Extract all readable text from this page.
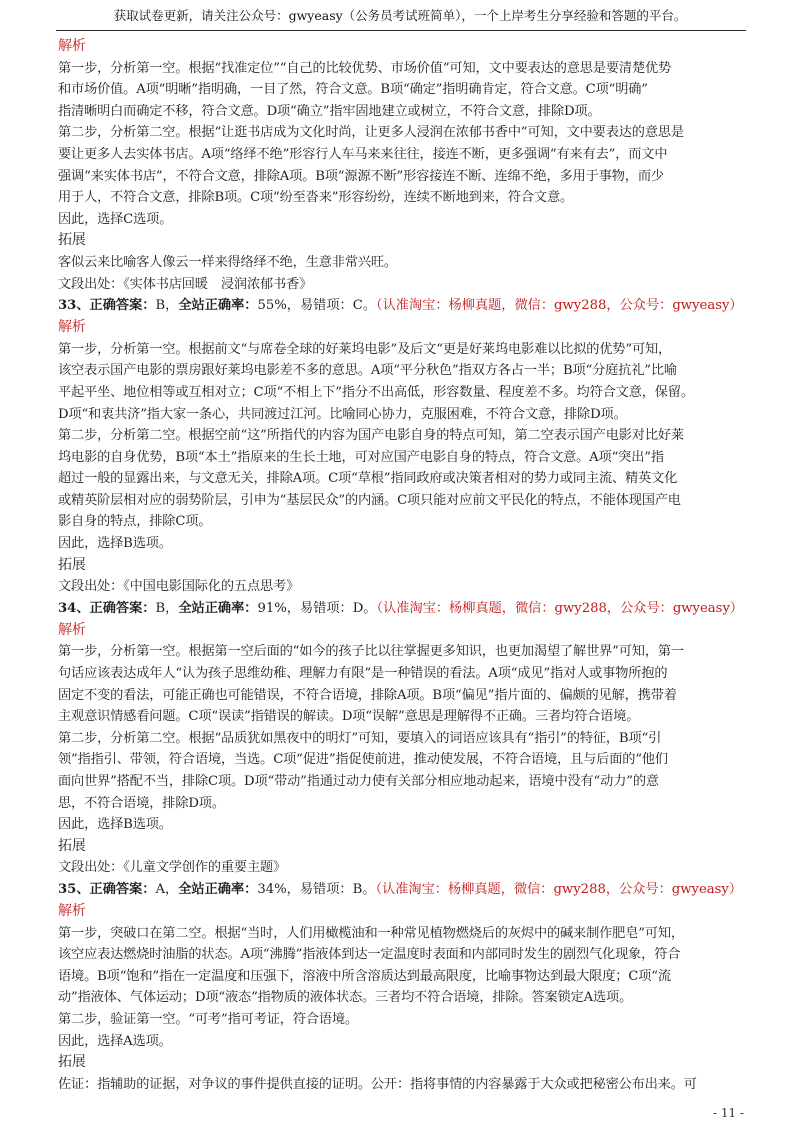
获取试卷更新，请关注公众号：gwyeasy（公务员考试班简单），一个上岸考生分享经验和答题的平台。
解析
第一步，分析第一空。根据“找准定位”“自己的比较优势、市场价值”可知，文中要表达的意思是要清楚优势
和市场价值。A项“明晰”指明确，一目了然，符合文意。B项“确定”指明确肯定，符合文意。C项“明确”
指清晰明白而确定不移，符合文意。D项“确立”指牢固地建立或树立，不符合文意，排除D项。
第二步，分析第二空。根据“让逛书店成为文化时尚，让更多人浸润在浓郁书香中”可知，文中要表达的意思是
要让更多人去实体书店。A项“络绎不绝”形容行人车马来来往往，接连不断，更多强调“有来有去”，而文中
强调“来实体书店”，不符合文意，排除A项。B项“源源不断”形容接连不断、连绵不绝，多用于事物，而少
用于人，不符合文意，排除B项。C项“纷至沓来”形容纷纷，连续不断地到来，符合文意。
因此，选择C选项。
拓展
客似云来比喻客人像云一样来得络绎不绝，生意非常兴旺。
文段出处：《实体书店回暖　浸润浓郁书香》
33、正确答案：B，全站正确率：55%，易错项：C。（认准淘宝：杨柳真题，微信：gwy288，公众号：gwyeasy）
解析
第一步，分析第一空。根据前文“与席卷全球的好莱坞电影”及后文“更是好莱坞电影难以比拟的优势”可知，
该空表示国产电影的票房跟好莱坞电影差不多的意思。A项“平分秋色”指双方各占一半；B项“分庭抗礼”比喻
平起平坐、地位相等或互相对立；C项“不相上下”指分不出高低，形容数量、程度差不多。均符合文意，保留。
D项“和衷共济”指大家一条心，共同渡过江河。比喻同心协力，克服困难，不符合文意，排除D项。
第二步，分析第二空。根据空前“这”所指代的内容为国产电影自身的特点可知，第二空表示国产电影对比好莱
坞电影的自身优势，B项“本土”指原来的生长土地，可对应国产电影自身的特点，符合文意。A项“突出”指
超过一般的显露出来，与文意无关，排除A项。C项“草根”指同政府或决策者相对的势力或同主流、精英文化
或精英阶层相对应的弱势阶层，引申为“基层民众”的内涵。C项只能对应前文平民化的特点，不能体现国产电
影自身的特点，排除C项。
因此，选择B选项。
拓展
文段出处：《中国电影国际化的五点思考》
34、正确答案：B，全站正确率：91%，易错项：D。（认准淘宝：杨柳真题，微信：gwy288，公众号：gwyeasy）
解析
第一步，分析第一空。根据第一空后面的“如今的孩子比以往掌握更多知识，也更加渴望了解世界”可知，第一
句话应该表达成年人“认为孩子思维幼稚、理解力有限”是一种错误的看法。A项“成见”指对人或事物所抱的
固定不变的看法，可能正确也可能错误，不符合语境，排除A项。B项“偏见”指片面的、偏颇的见解，携带着
主观意识情感看问题。C项“误读”指错误的解读。D项“误解”意思是理解得不正确。三者均符合语境。
第二步，分析第二空。根据“品质犹如黑夜中的明灯”可知，要填入的词语应该具有“指引”的特征，B项“引
领”指指引、带领，符合语境，当选。C项“促进”指促使前进，推动使发展，不符合语境，且与后面的“他们
面向世界”搭配不当，排除C项。D项“带动”指通过动力使有关部分相应地动起来，语境中没有“动力”的意
思，不符合语境，排除D项。
因此，选择B选项。
拓展
文段出处：《儿童文学创作的重要主题》
35、正确答案：A，全站正确率：34%，易错项：B。（认准淘宝：杨柳真题，微信：gwy288，公众号：gwyeasy）
解析
第一步，突破口在第二空。根据“当时，人们用橄榄油和一种常见植物燃烧后的灰烬中的碱来制作肥皂”可知，
该空应表达燃烧时油脂的状态。A项“沸腾”指液体到达一定温度时表面和内部同时发生的剧烈气化现象，符合
语境。B项“饱和”指在一定温度和压强下，溶液中所含溶质达到最高限度，比喻事物达到最大限度；C项“流
动”指液体、气体运动；D项“液态”指物质的液体状态。三者均不符合语境，排除。答案锁定A选项。
第二步，验证第一空。“可考”指可考证，符合语境。
因此，选择A选项。
拓展
佐证：指辅助的证据，对争议的事件提供直接的证明。公开：指将事情的内容暴露于大众或把秘密公布出来。可
- 11 -
